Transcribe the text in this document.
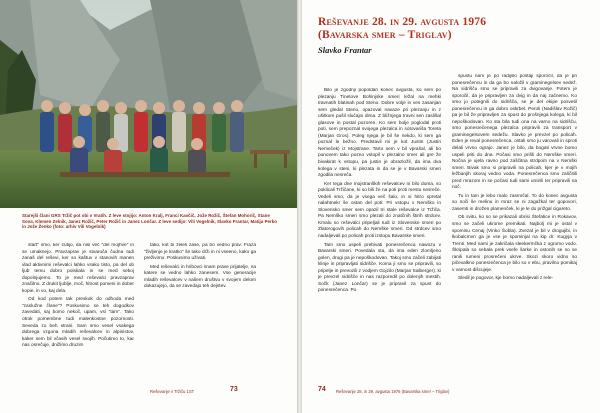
Starejši člani GRS Tržič pot obi v Vratih. Z leve stojijo: Anton Kralj, Franci Kavčič, Jože Rožič, Štefan Mohorič, Stane Sova, Klemen Zelnik, Janez Rožič, Peter Rožič in Janez Lončar. Z leve sedijo: Vili Vogelnik, Slavko Frantar, Matija Perko in Jože Ženko (foto: arhiv Vili Vogelnik)

start" smo, ker čutijo, da nisi več "del mojhve" in se umaknejo. Pravzaprav je stvaruča čudna tudi zanaš del reševi, ker so kaštuv v stanovih manen vlad aktivnimi reševalci lahko vsako tisto, pa del ob ljub temu dobro poiskala in se med seboj dopolnjujemo. To je med reševalci pravzaprav značilno. Z drukit ljublje, moč, hitrost pomeni in dober kopie, in vo, kaj dela.

Od kod potem tak preskok do odhoda med "zaslužne člane"? Poskusimo se teh dogodkov zavedati, saj bomo nekoč, upam, vsi "tam". Tako otrok pomembne tudi malenkostne pozornosti. Seveda zo beh strani. Sam smo vesel vsakega dobrega vzgona mladih reševalcev in alpinistov, kaker sem bil včasih vesel svojih. Počutimo to, kar nas osrečuje, dnižimo druzim

tako, kot bi želeli zase, pa bo vedno prav. Fraza "življenje je kratko" še tako drži in ni vseeno, kako ga preživimo. Poskusimo uživati.

Med reševalci in hribovci imam prave prijatelje, na katere se vedno lahko zanesem. Vse generacije mladih reševalcev v našem društvu v svojem delom dokazujejo, da se zavedajo teh dejstev.

Reševanje v Tržiču 1ST	73
Reševanje 28. in 29. avgusta 1976
(Bavarska smer – Triglav)

Slavko Frantar

Bilo je zgodnji popoldan konec avgusta, ko sem po plezanju Tinetove Bohinjske smeri ležal na mehki travnatih blatinah pod Steno. Dobre volje in ves zasanjan sem gledal Steno, opazoval navaze pri plezanju in z ušitkom pušil slučajni dima. Z bližnjega travni sen zaslišal glasove in postal pozoren. Ko sem bolje poglodal proti poti, sem prepoznal svojega plezalca in sotovariša Toreta (Marjan Gros). Poleg njega je bil še nekdo, ki sem ga poznal le bežno. Predstavil mi je kot Justin (Justin Nemeček) iz Mojstrane. Tarto sem v bil vprašal, ali bo ponovem tako pozno vstopil v plezalno smer ali gre že bivakirat k vstopu, pa justin je obrazložil, da ima dva kolega v steni, ki plezata in da se je v Bavarski smeri zgodila nesreča.

Ker tega dne mojstranških reševalcev ni bilo doma, so poklicali Tržičane, ki so bili že na poti proti mestu nesreče. Vedeli smo, da je vsega več šalo, in si hitro spretal nalahtnekr še ostan del poti: Pri vstopu v Nemško in Slovensko smer sem opazil tri stale reševalce iz Tržiča. Pa Nemško smeri smo plezali do znatčnih štirih strdcev. Kmalu so reševalci pripeljali tudi iz Slovenske smeri po Zlatorogovih policah do Nemške smeri. Od strdcev smo nadaljevali po policah proti izstopu Bavarske smeri.

Tam smo uspeli prebivati ponesrečenca nawozu v Bavarski smeri. Povedala sta, da ima eden zlomljeno golen, drugi pa je nepoškodovan. Takoj smo začeli zabijati klinje in pripravljati sidrišče. Koma ji smo se pripravili, so pripelje in prevozili z vodjem Gojzilo (Marjan Salberger), ki je prevzel sidrišče in nas razporedil po dolenjih mestih. Sočk (Janez Lončar) se je pripravil za spust do ponesrečenca. Po

spustu nam je po radijski postaji sporočil, da je pri ponesrečencu in da ga bo naložil v graminegelsev sedež. Na sidrišču smo se pripravili za dvigovanje. Potem je sporočil, da je pripravljen za dvig in da naj začnemo. Ko smo jo potegnili do sidrišča, se je del ekipe posvetil ponesrečencu in ga dobro oskrbel. Peroli (Nadišlav Rožič) pa je bil že pripravljen za spust do prošnjega kolega, ki bil nepoškodovan. Ko sta bila tudi ona na varno na sidrišču, smo ponesrečenega plezalca pripravili za transport v graminegelsovem sedežu. Slavko je prevzel po policah. Eden je reval ponesrečenca, ostali smo ju varovali in sproti delali vrvno ograjo. Janez je bilo, da bogati vrvne bomo uspeli priti do dna. Počasi smo prišli do Nemške smeri. Nočna je ujela ravno pod zaščitna strdpom na v Nemški smeri. Bivak smo si pripravili na policah, kjer je v mojih ležbanjih skoraj vedno voda. Ponesrečenca smo zaščitili pred mrazom in se počasi tudi sami umirili ter pripravili na noč.

Tu in tam je lebo malo zasmrčal. To do konec avgusta so noči še melinu in mraz se ni zagažkal ter gopovori, zasemti in drožen plamenček, ki je le do prižgal cigareto.

Ob svitu, ko so se prikazali obrisi Štefatice in Rokavov, smo se začeli ukrome premikati. Najbolj mi je ostal v spominu Cenaj (Vinko Šobla). Zvezal je bil v drogujibi, in lkobalcmvn ga je vse je spominjal na kip dr. Kugyja v Trenti. Med nami je zakričala sleekermčka z ogromo vodo. Škripala so sebala prek vsefe šarke in ostonih se so se ranili rumeni prosrečeni ukrve. Skozi skoro vidno so pičevalkno ponesrečenca je bilo so v ebu, pravilno pomikaj v varnost dišcujeje.

Sledil je pogovor, kje bomo nadaljevali z rele-

74 Reševanje 28. in 29. avgusta 1976 (Bavarska smer – Triglav)
